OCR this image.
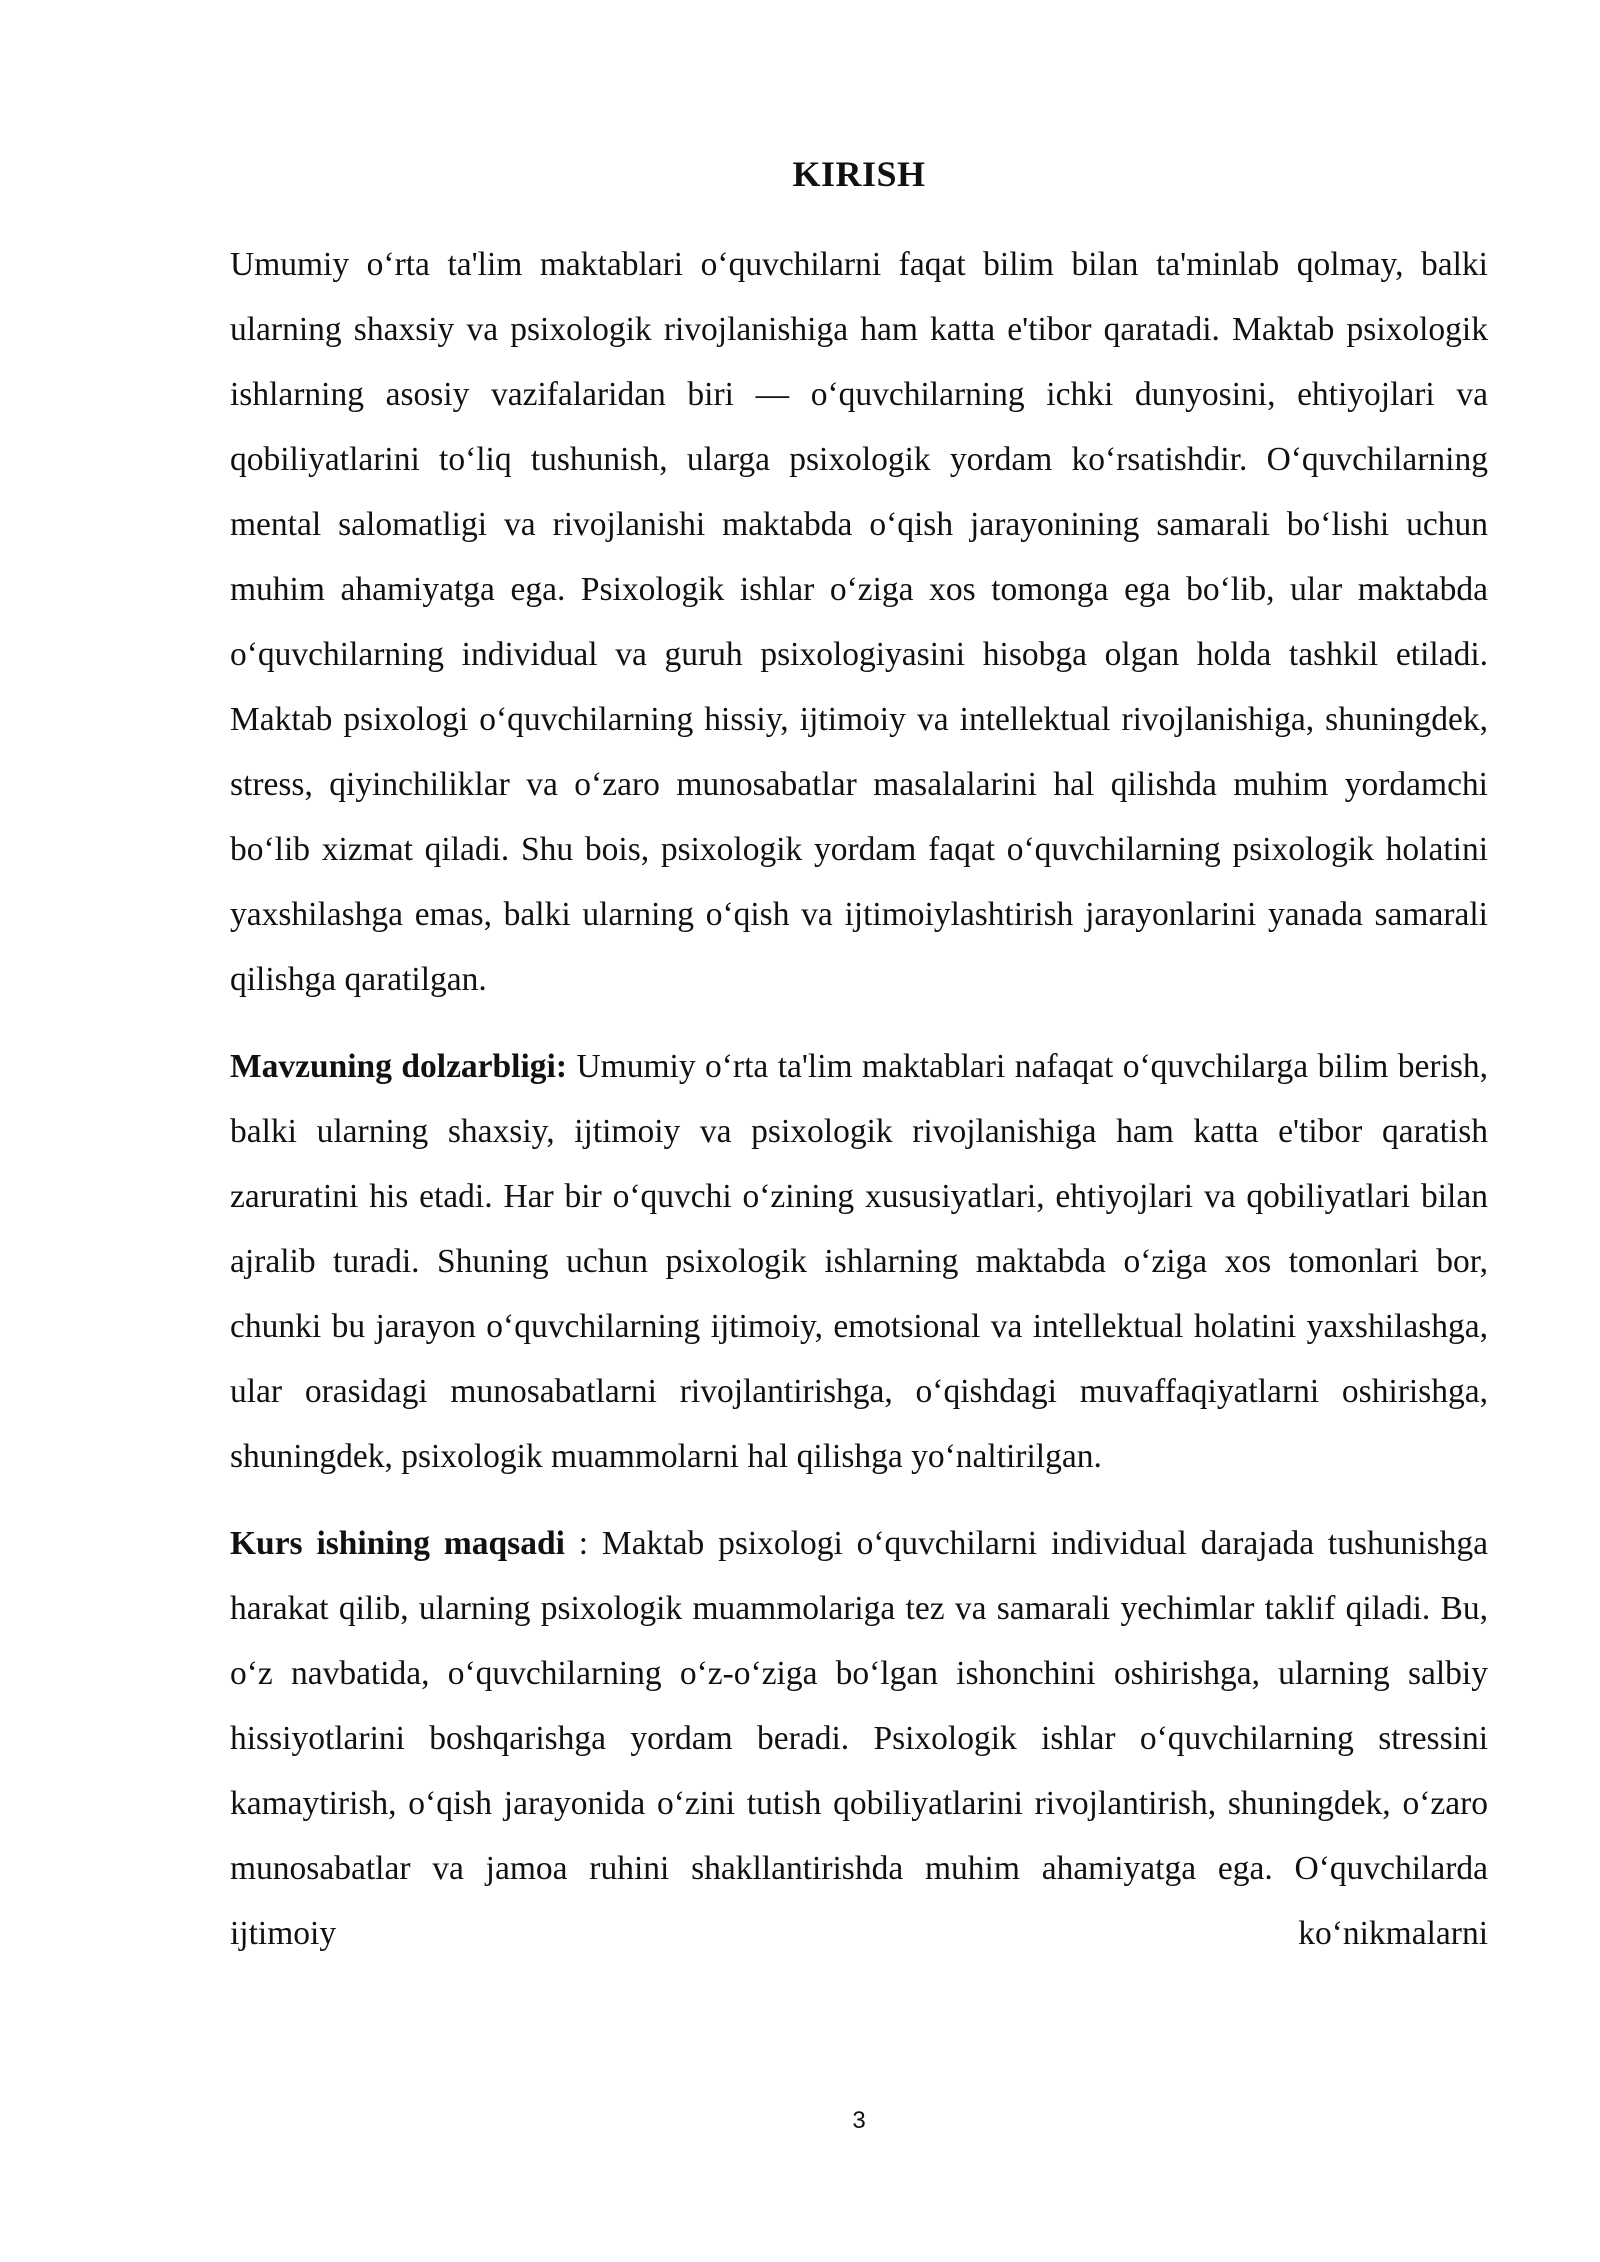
KIRISH

Umumiy o‘rta ta'lim maktablari o‘quvchilarni faqat bilim bilan ta'minlab qolmay, balki ularning shaxsiy va psixologik rivojlanishiga ham katta e'tibor qaratadi. Maktab psixologik ishlarning asosiy vazifalaridan biri — o‘quvchilarning ichki dunyosini, ehtiyojlari va qobiliyatlarini to‘liq tushunish, ularga psixologik yordam ko‘rsatishdir. O‘quvchilarning mental salomatligi va rivojlanishi maktabda o‘qish jarayonining samarali bo‘lishi uchun muhim ahamiyatga ega. Psixologik ishlar o‘ziga xos tomonga ega bo‘lib, ular maktabda o‘quvchilarning individual va guruh psixologiyasini hisobga olgan holda tashkil etiladi. Maktab psixologi o‘quvchilarning hissiy, ijtimoiy va intellektual rivojlanishiga, shuningdek, stress, qiyinchiliklar va o‘zaro munosabatlar masalalarini hal qilishda muhim yordamchi bo‘lib xizmat qiladi. Shu bois, psixologik yordam faqat o‘quvchilarning psixologik holatini yaxshilashga emas, balki ularning o‘qish va ijtimoiylashtirish jarayonlarini yanada samarali qilishga qaratilgan.

Mavzuning dolzarbligi: Umumiy o‘rta ta'lim maktablari nafaqat o‘quvchilarga bilim berish, balki ularning shaxsiy, ijtimoiy va psixologik rivojlanishiga ham katta e'tibor qaratish zaruratini his etadi. Har bir o‘quvchi o‘zining xususiyatlari, ehtiyojlari va qobiliyatlari bilan ajralib turadi. Shuning uchun psixologik ishlarning maktabda o‘ziga xos tomonlari bor, chunki bu jarayon o‘quvchilarning ijtimoiy, emotsional va intellektual holatini yaxshilashga, ular orasidagi munosabatlarni rivojlantirishga, o‘qishdagi muvaffaqiyatlarni oshirishga, shuningdek, psixologik muammolarni hal qilishga yo‘naltirilgan.

Kurs ishining maqsadi : Maktab psixologi o‘quvchilarni individual darajada tushunishga harakat qilib, ularning psixologik muammolariga tez va samarali yechimlar taklif qiladi. Bu, o‘z navbatida, o‘quvchilarning o‘z-o‘ziga bo‘lgan ishonchini oshirishga, ularning salbiy hissiyotlarini boshqarishga yordam beradi. Psixologik ishlar o‘quvchilarning stressini kamaytirish, o‘qish jarayonida o‘zini tutish qobiliyatlarini rivojlantirish, shuningdek, o‘zaro munosabatlar va jamoa ruhini shakllantirishda muhim ahamiyatga ega. O‘quvchilarda ijtimoiy ko‘nikmalarni

3
